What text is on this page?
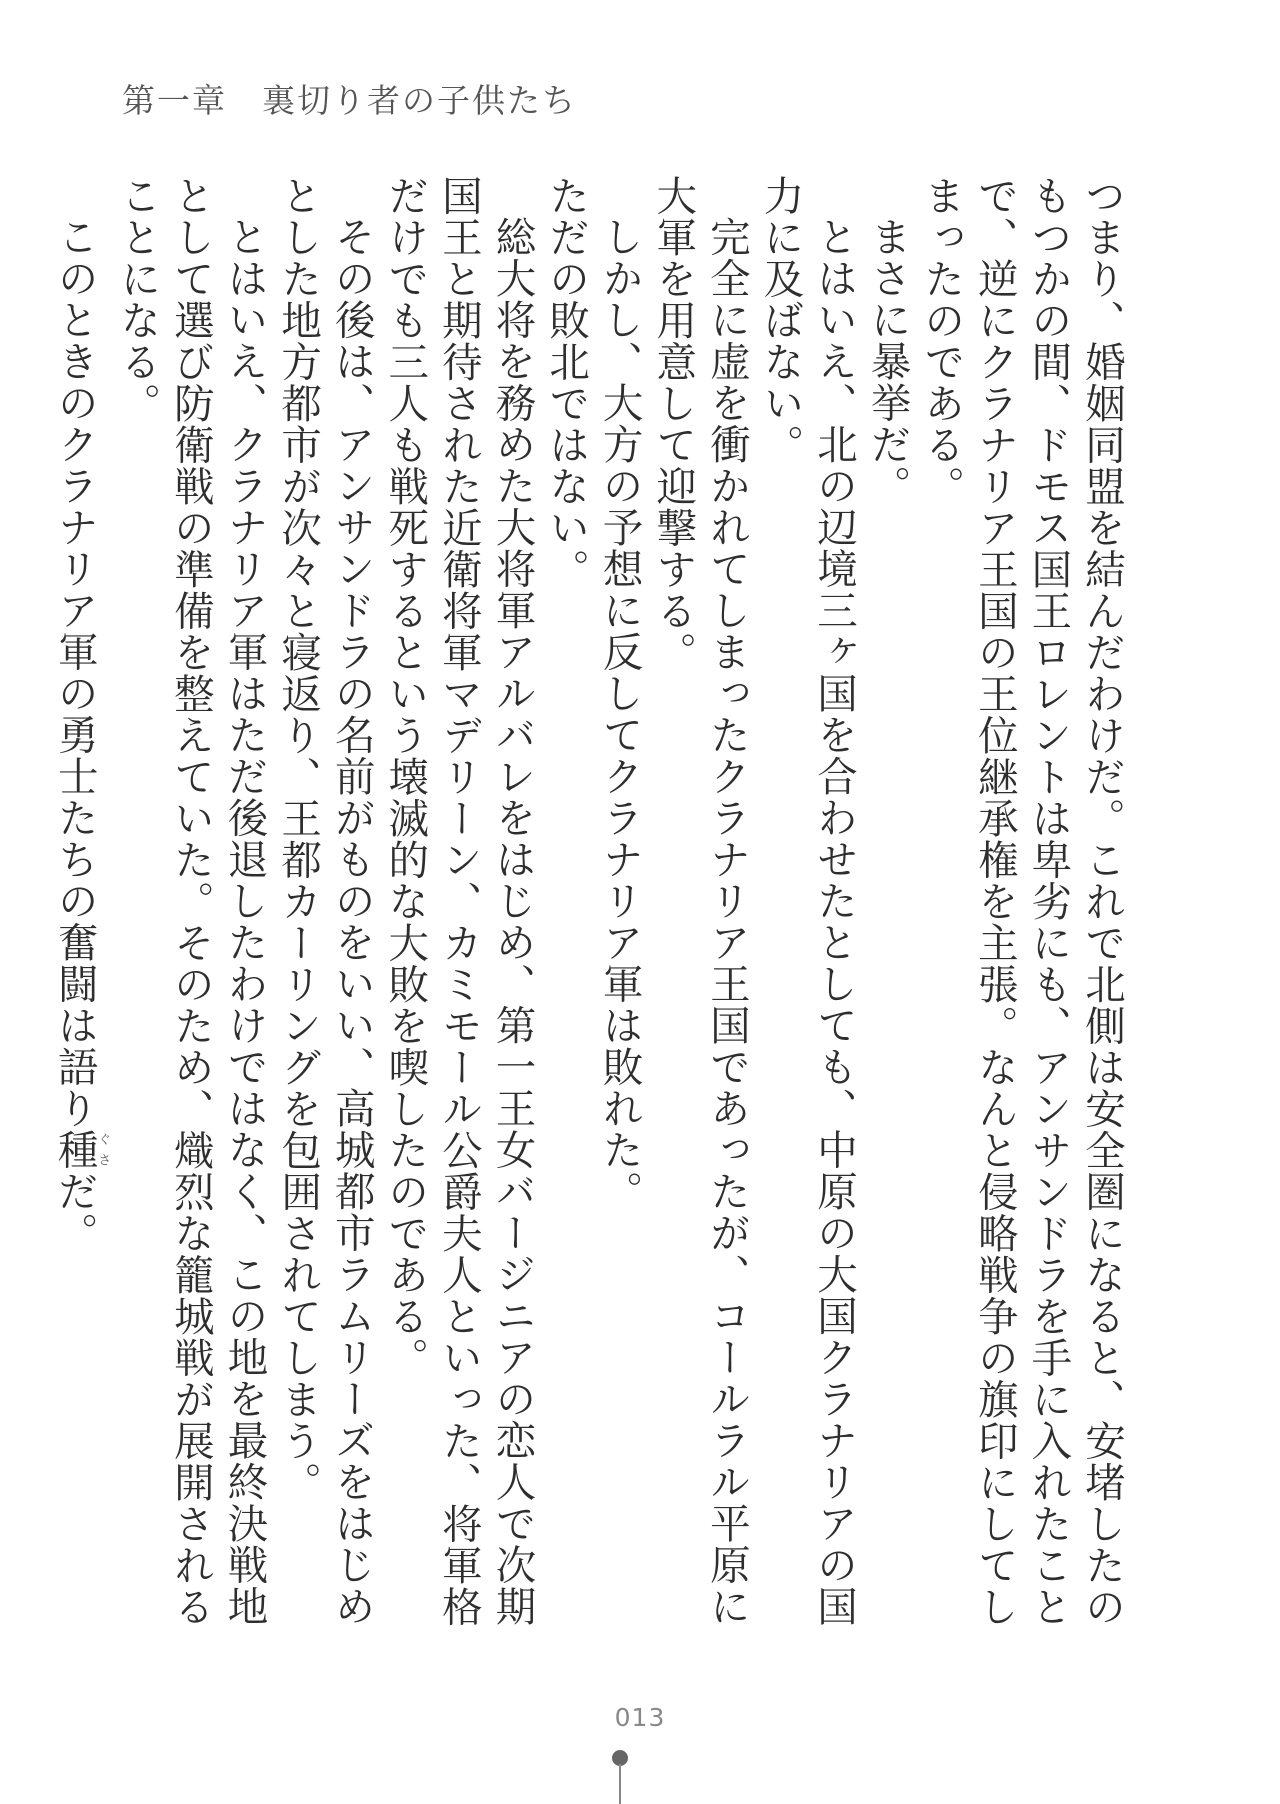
第一章　 裏切り者の子供たち

つまり、婚姻同盟を結んだわけだ。これで北側は安全圏になると、安堵したのもつかの間、ドモス国王ロレントは卑劣にも、アンサンドラを手に入れたことで、逆にクラナリア王国の王位継承権を主張。なんと侵略戦争の旗印にしてしまったのである。

まさに暴挙だ。

とはいえ、北の辺境三ヶ国を合わせたとしても、中原の大国クラナリアの国力に及ばない。

完全に虚を衝かれてしまったクラナリア王国であったが、コールラル平原に大軍を用意して迎撃する。

しかし、大方の予想に反してクラナリア軍は敗れた。

ただの敗北ではない。

総大将を務めた大将軍アルバレをはじめ、第一王女バージニアの恋人で次期国王と期待された近衛将軍マデリーン、カミモール公爵夫人といった、将軍格だけでも三人も戦死するという壊滅的な大敗を喫したのである。

その後は、アンサンドラの名前がものをいい、高城都市ラムリーズをはじめとした地方都市が次々と寝返り、王都カーリングを包囲されてしまう。

とはいえ、クラナリア軍はただ後退したわけではなく、この地を最終決戦地として選び防衛戦の準備を整えていた。そのため、熾烈な籠城戦が展開されることになる。

このときのクラナリア軍の勇士たちの奮闘は語り種ぐさだ。

013
